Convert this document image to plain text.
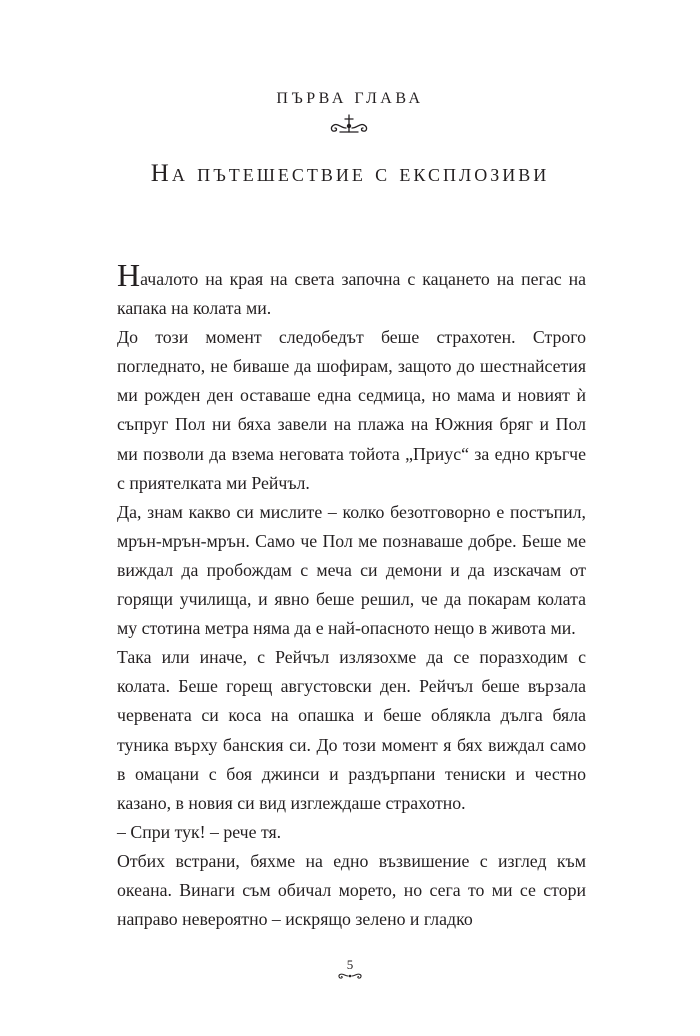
ПЪРВА ГЛАВА
На пътешествие с експлозиви

Началото на края на света започна с кацането на пегас на капака на колата ми.

До този момент следобедът беше страхотен. Строго погледнато, не биваше да шофирам, защото до шестнайсетия ми рожден ден оставаше една седмица, но мама и новият ѝ съпруг Пол ни бяха завели на плажа на Южния бряг и Пол ми позволи да взема неговата тойота „Приус“ за едно кръгче с приятелката ми Рейчъл.

Да, знам какво си мислите – колко безотговорно е постъпил, мрън-мрън-мрън. Само че Пол ме познаваше добре. Беше ме виждал да пробождам с меча си демони и да изскачам от горящи училища, и явно беше решил, че да покарам колата му стотина метра няма да е най-опасното нещо в живота ми.

Така или иначе, с Рейчъл излязохме да се поразходим с колата. Беше горещ августовски ден. Рейчъл беше вързала червената си коса на опашка и беше облякла дълга бяла туника върху банския си. До този момент я бях виждал само в омацани с боя джинси и раздърпани тениски и честно казано, в новия си вид изглеждаше страхотно.

– Спри тук! – рече тя.

Отбих встрани, бяхме на едно възвишение с изглед към океана. Винаги съм обичал морето, но сега то ми се стори направо невероятно – искрящо зелено и гладко

5
